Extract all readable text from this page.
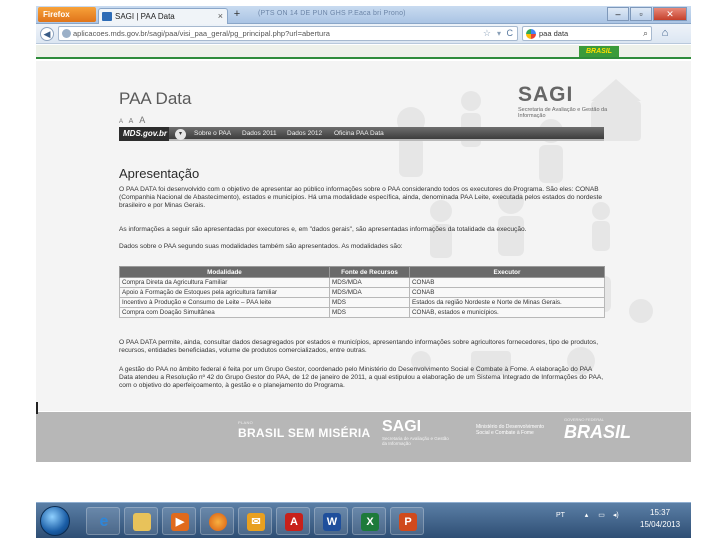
Firefox	SAGI | PAA Data	× +	(PTS ON 14 DE PUN GHS P.Eaca bri Prono)	–	▫	✕
◀	aplicacoes.mds.gov.br/sagi/paa/visi_paa_geral/pg_principal.php?url=abertura	☆ ▾ C	paa data	⌕	⌂
BRASIL
PAA Data	SAGI
Secretaria de Avaliação e Gestão da Informação
A A A
MDS.gov.br	▾	Sobre o PAA Dados 2011 Dados 2012 Oficina PAA Data
Apresentação
O PAA DATA foi desenvolvido com o objetivo de apresentar ao público informações sobre o PAA considerando todos os executores do Programa. São eles: CONAB (Companhia Nacional de Abastecimento), estados e municípios. Há uma modalidade específica, ainda, denominada PAA Leite, executada pelos estados do nordeste brasileiro e por Minas Gerais.
As informações a seguir são apresentadas por executores e, em "dados gerais", são apresentadas informações da totalidade da execução.
Dados sobre o PAA segundo suas modalidades também são apresentados. As modalidades são:
Modalidade	Fonte de Recursos	Executor
Compra Direta da Agricultura Familiar	MDS/MDA	CONAB
Apoio à Formação de Estoques pela agricultura familiar	MDS/MDA	CONAB
Incentivo à Produção e Consumo de Leite – PAA leite	MDS	Estados da região Nordeste e Norte de Minas Gerais.
Compra com Doação Simultânea	MDS	CONAB, estados e municípios.
O PAA DATA permite, ainda, consultar dados desagregados por estados e municípios, apresentando informações sobre agricultores fornecedores, tipo de produtos, recursos, entidades beneficiadas, volume de produtos comercializados, entre outras.
A gestão do PAA no âmbito federal é feita por um Grupo Gestor, coordenado pelo Ministério do Desenvolvimento Social e Combate à Fome. A elaboração do PAA Data atendeu a Resolução nº 42 do Grupo Gestor do PAA, de 12 de janeiro de 2011, a qual estipulou a elaboração de um Sistema Integrado de Informações do PAA, com o objetivo do aperfeiçoamento, à gestão e o planejamento do Programa.
PLANO
BRASIL SEM MISÉRIA SAGI
Secretaria de Avaliação e Gestão da Informação
Ministério do Desenvolvimento Social e Combate à Fome
GOVERNO FEDERAL
BRASIL
e	▶	✉	A	W	X	P
PT	▴ ▭ ◂)	15:37
15/04/2013
